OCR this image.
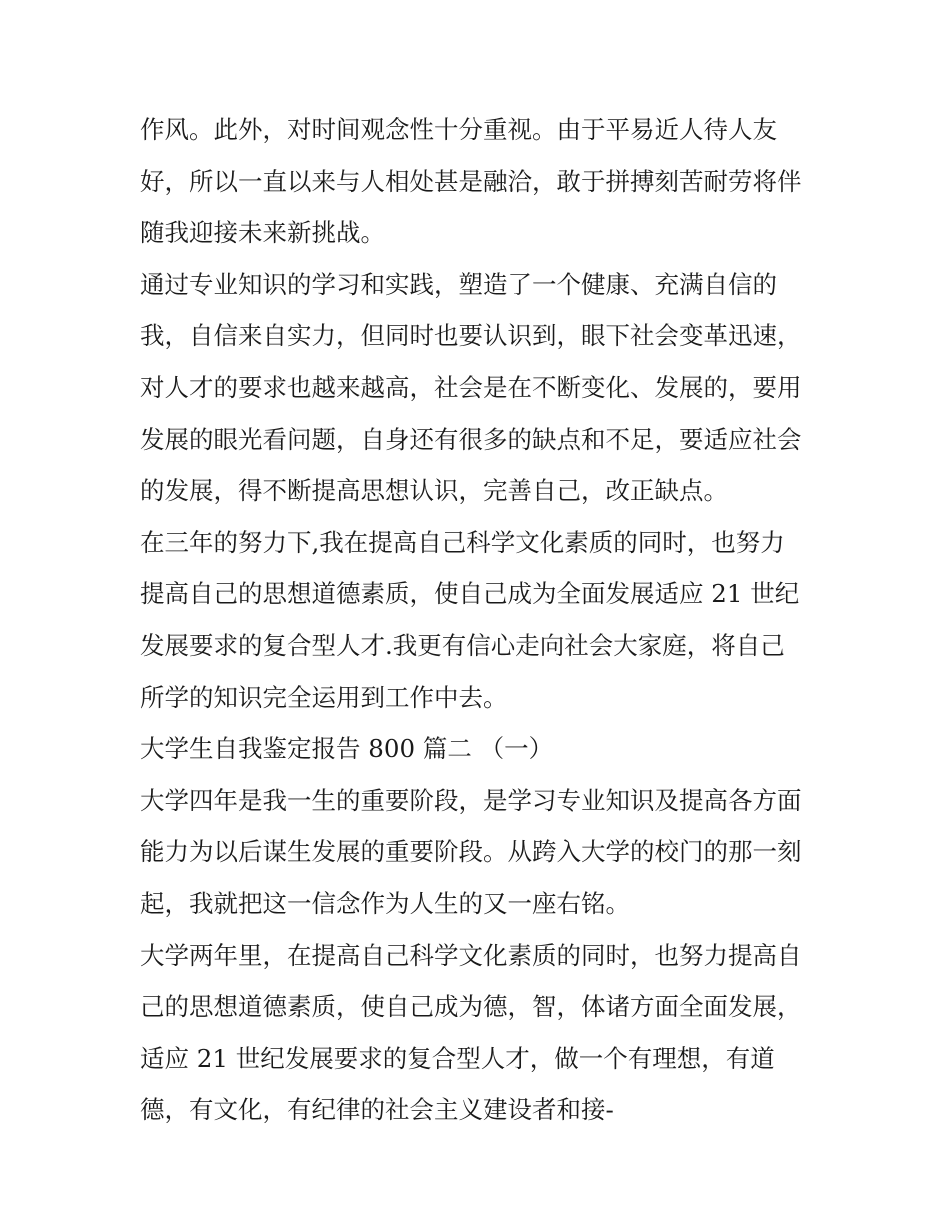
作风。此外，对时间观念性十分重视。由于平易近人待人友
好，所以一直以来与人相处甚是融洽，敢于拼搏刻苦耐劳将伴
随我迎接未来新挑战。
通过专业知识的学习和实践，塑造了一个健康、充满自信的
我，自信来自实力，但同时也要认识到，眼下社会变革迅速，
对人才的要求也越来越高，社会是在不断变化、发展的，要用
发展的眼光看问题，自身还有很多的缺点和不足，要适应社会
的发展，得不断提高思想认识，完善自己，改正缺点。
在三年的努力下,我在提高自己科学文化素质的同时，也努力
提高自己的思想道德素质，使自己成为全面发展适应 21 世纪
发展要求的复合型人才.我更有信心走向社会大家庭，将自己
所学的知识完全运用到工作中去。
大学生自我鉴定报告 800 篇二 （一）
大学四年是我一生的重要阶段，是学习专业知识及提高各方面
能力为以后谋生发展的重要阶段。从跨入大学的校门的那一刻
起，我就把这一信念作为人生的又一座右铭。
大学两年里，在提高自己科学文化素质的同时，也努力提高自
己的思想道德素质，使自己成为德，智，体诸方面全面发展，
适应 21 世纪发展要求的复合型人才，做一个有理想，有道
德，有文化，有纪律的社会主义建设者和接-
